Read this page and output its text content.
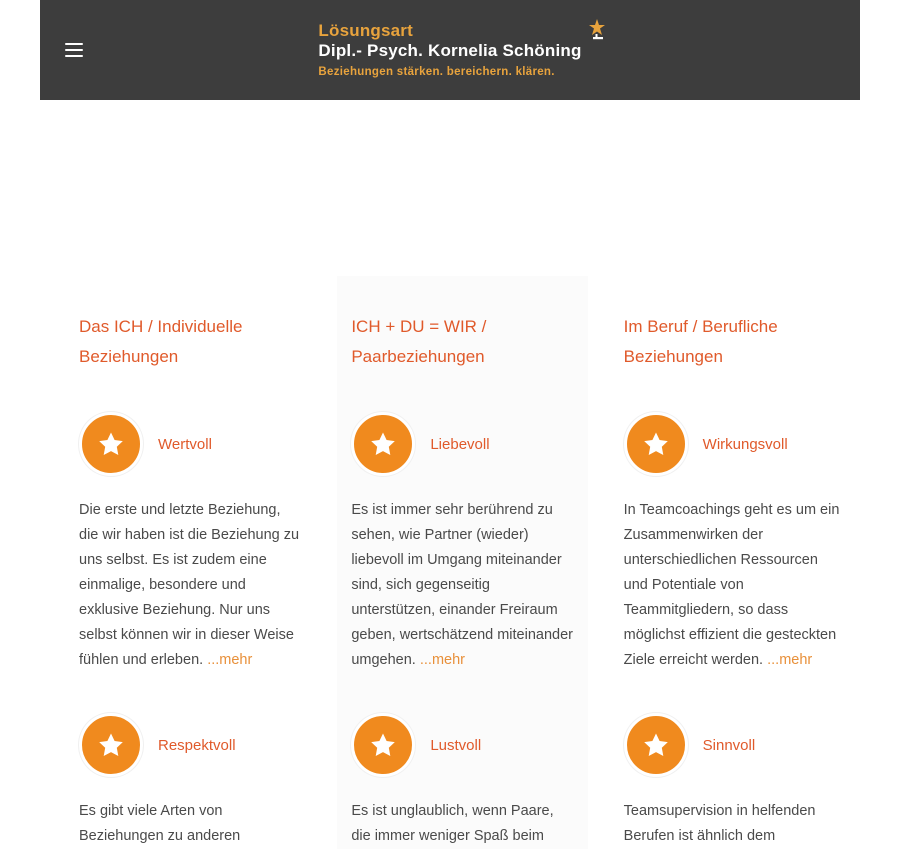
Lösungsart
Dipl.- Psych. Kornelia Schöning
Beziehungen stärken. bereichern. klären.
Das ICH / Individuelle Beziehungen
Wertvoll
Die erste und letzte Beziehung, die wir haben ist die Beziehung zu uns selbst. Es ist zudem eine einmalige, besondere und exklusive Beziehung. Nur uns selbst können wir in dieser Weise fühlen und erleben. ...mehr
Respektvoll
Es gibt viele Arten von Beziehungen zu anderen
ICH + DU = WIR / Paarbeziehungen
Liebevoll
Es ist immer sehr berührend zu sehen, wie Partner (wieder) liebevoll im Umgang miteinander sind, sich gegenseitig unterstützen, einander Freiraum geben, wertschätzend miteinander umgehen. ...mehr
Lustvoll
Es ist unglaublich, wenn Paare, die immer weniger Spaß beim
Im Beruf / Berufliche Beziehungen
Wirkungsvoll
In Teamcoachings geht es um ein Zusammenwirken der unterschiedlichen Ressourcen und Potentiale von Teammitgliedern, so dass möglichst effizient die gesteckten Ziele erreicht werden. ...mehr
Sinnvoll
Teamsupervision in helfenden Berufen ist ähnlich dem
